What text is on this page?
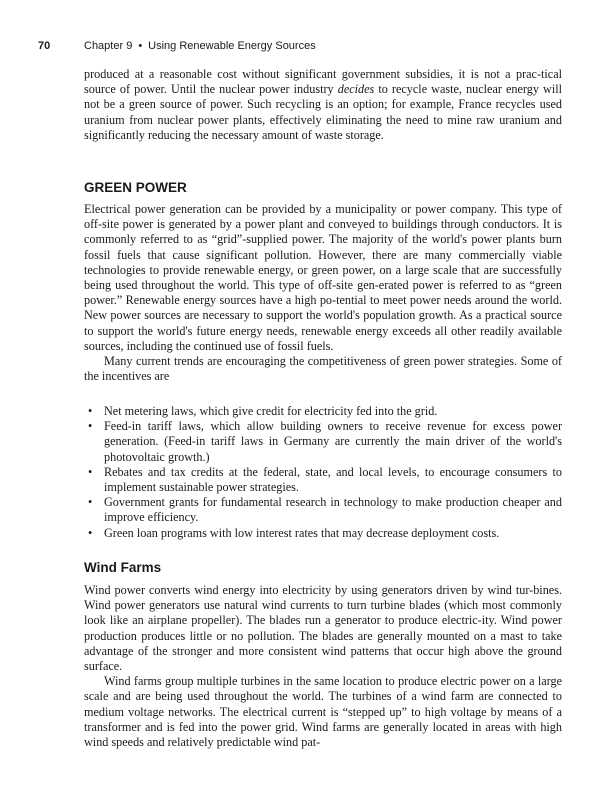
70	Chapter 9 • Using Renewable Energy Sources

produced at a reasonable cost without significant government subsidies, it is not a prac-tical source of power. Until the nuclear power industry decides to recycle waste, nuclear energy will not be a green source of power. Such recycling is an option; for example, France recycles used uranium from nuclear power plants, effectively eliminating the need to mine raw uranium and significantly reducing the necessary amount of waste storage.

GREEN POWER

Electrical power generation can be provided by a municipality or power company. This type of off-site power is generated by a power plant and conveyed to buildings through conductors. It is commonly referred to as “grid”-supplied power. The majority of the world's power plants burn fossil fuels that cause significant pollution. However, there are many commercially viable technologies to provide renewable energy, or green power, on a large scale that are successfully being used throughout the world. This type of off-site gen-erated power is referred to as “green power.” Renewable energy sources have a high po-tential to meet power needs around the world. New power sources are necessary to support the world's population growth. As a practical source to support the world's future energy needs, renewable energy exceeds all other readily available sources, including the continued use of fossil fuels.

Many current trends are encouraging the competitiveness of green power strategies. Some of the incentives are

• Net metering laws, which give credit for electricity fed into the grid.
• Feed-in tariff laws, which allow building owners to receive revenue for excess power generation. (Feed-in tariff laws in Germany are currently the main driver of the world's photovoltaic growth.)
• Rebates and tax credits at the federal, state, and local levels, to encourage consumers to implement sustainable power strategies.
• Government grants for fundamental research in technology to make production cheaper and improve efficiency.
• Green loan programs with low interest rates that may decrease deployment costs.
Wind Farms

Wind power converts wind energy into electricity by using generators driven by wind tur-bines. Wind power generators use natural wind currents to turn turbine blades (which most commonly look like an airplane propeller). The blades run a generator to produce electric-ity. Wind power production produces little or no pollution. The blades are generally mounted on a mast to take advantage of the stronger and more consistent wind patterns that occur high above the ground surface.

Wind farms group multiple turbines in the same location to produce electric power on a large scale and are being used throughout the world. The turbines of a wind farm are connected to medium voltage networks. The electrical current is “stepped up” to high voltage by means of a transformer and is fed into the power grid. Wind farms are generally located in areas with high wind speeds and relatively predictable wind pat-
